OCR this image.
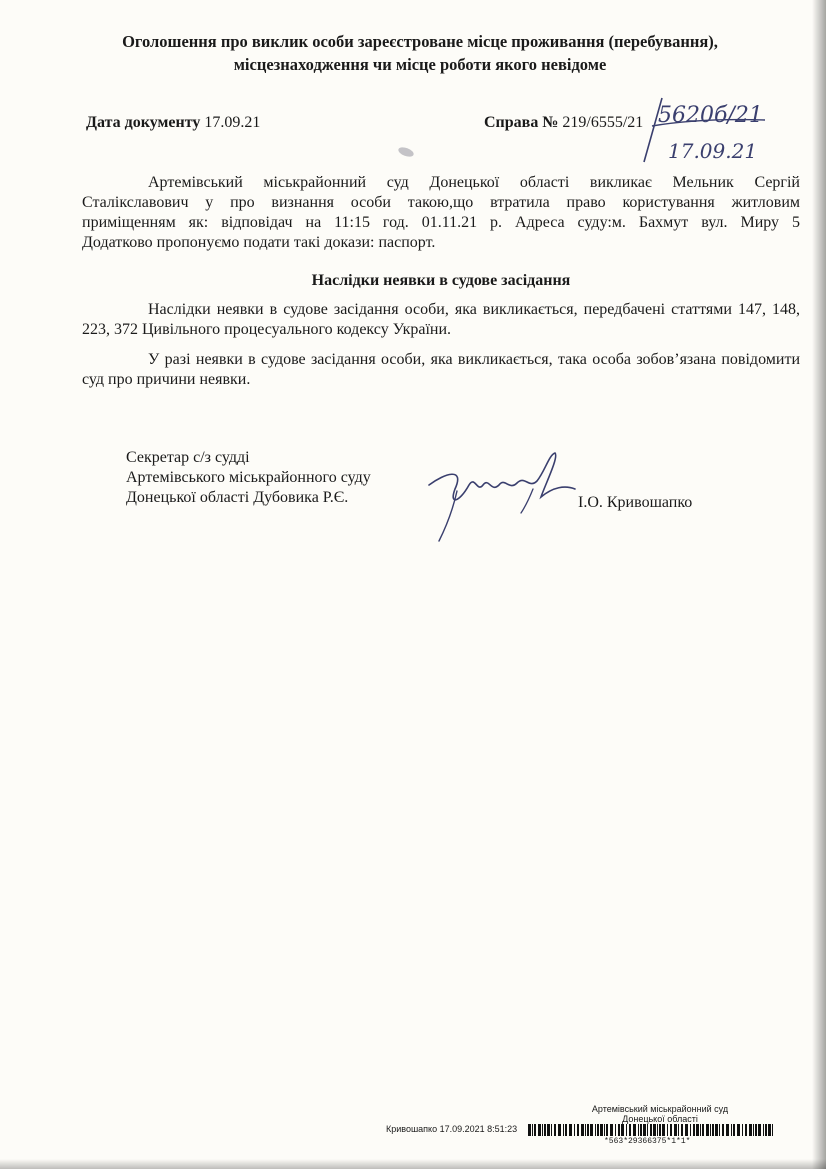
Оголошення про виклик особи зареєстроване місце проживання (перебування),
місцезнаходження чи місце роботи якого невідоме
Дата документу 17.09.21	Справа № 219/6555/21 5620б/21
17.09.21
Артемівський міськрайонний суд Донецької області викликає Мельник Сергій
Сталікславович у про визнання особи такою,що втратила право користування житловим
приміщенням як: відповідач на 11:15 год. 01.11.21 р. Адреса суду:м. Бахмут вул. Миру 5
Додатково пропонуємо подати такі докази: паспорт.
Наслідки неявки в судове засідання
Наслідки неявки в судове засідання особи, яка викликається, передбачені статтями 147, 148, 223, 372 Цивільного процесуального кодексу України.
У разі неявки в судове засідання особи, яка викликається, така особа зобов’язана повідомити суд про причини неявки.
Секретар с/з судді
Артемівського міськрайонного суду
Донецької області Дубовика Р.Є.	І.О. Кривошапко
Артемівський міськрайонний суд
Донецької області
Кривошапко 17.09.2021 8:51:23
*563*29366375*1*1*
